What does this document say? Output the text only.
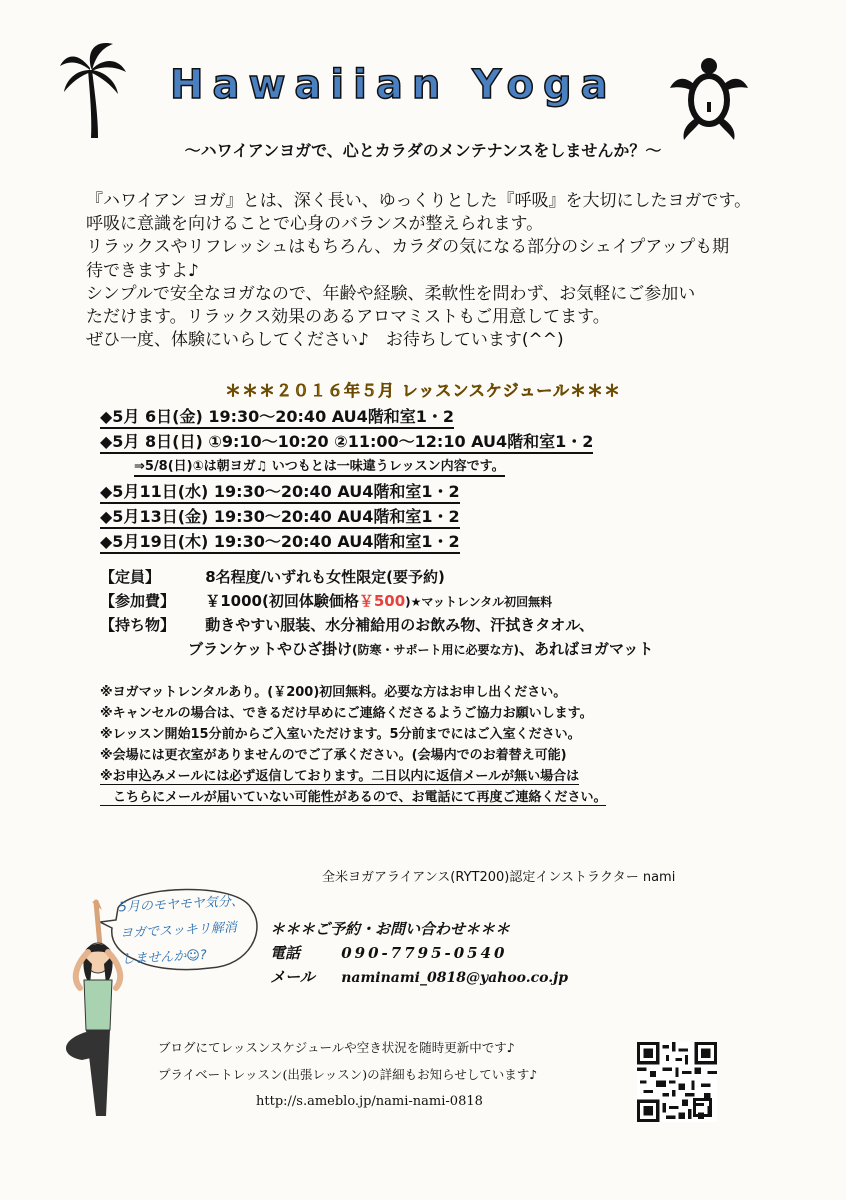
Hawaiian Yoga
～ハワイアンヨガで、心とカラダのメンテナンスをしませんか？～
『ハワイアン ヨガ』とは、深く長い、ゆっくりとした『呼吸』を大切にしたヨガです。
呼吸に意識を向けることで心身のバランスが整えられます。
リラックスやリフレッシュはもちろん、カラダの気になる部分のシェイプアップも期
待できますよ♪
シンプルで安全なヨガなので、年齢や経験、柔軟性を問わず、お気軽にご参加い
ただけます。リラックス効果のあるアロマミストもご用意してます。
ぜひ一度、体験にいらしてください♪　お待ちしています(^^)
＊＊＊２０１６年５月 レッスンスケジュール＊＊＊
◆5月 6日(金) 19:30～20:40 AU4階和室1・2
◆5月 8日(日) ①9:10～10:20 ②11:00～12:10 AU4階和室1・2
⇒5/8(日)①は朝ヨガ♫ いつもとは一味違うレッスン内容です。
◆5月11日(水) 19:30～20:40 AU4階和室1・2
◆5月13日(金) 19:30～20:40 AU4階和室1・2
◆5月19日(木) 19:30～20:40 AU4階和室1・2
【定員】	8名程度/いずれも女性限定(要予約)
【参加費】 ￥1000(初回体験価格￥500)★マットレンタル初回無料
【持ち物】 動きやすい服装、水分補給用のお飲み物、汗拭きタオル、
ブランケットやひざ掛け(防寒・サポート用に必要な方)、あればヨガマット
※ヨガマットレンタルあり。(￥200)初回無料。必要な方はお申し出ください。
※キャンセルの場合は、できるだけ早めにご連絡くださるようご協力お願いします。
※レッスン開始15分前からご入室いただけます。5分前までにはご入室ください。
※会場には更衣室がありませんのでご了承ください。(会場内でのお着替え可能)
※お申込みメールには必ず返信しております。二日以内に返信メールが無い場合は
　こちらにメールが届いていない可能性があるので、お電話にて再度ご連絡ください。
全米ヨガアライアンス(RYT200)認定インストラクター nami
5月のモヤモヤ気分、
ヨガでスッキリ解消
しませんか☺?
＊＊＊ご予約・お問い合わせ＊＊＊
電話	090-7795-0540
メール naminami_0818@yahoo.co.jp
ブログにてレッスンスケジュールや空き状況を随時更新中です♪
プライベートレッスン(出張レッスン)の詳細もお知らせしています♪
http://s.ameblo.jp/nami-nami-0818
